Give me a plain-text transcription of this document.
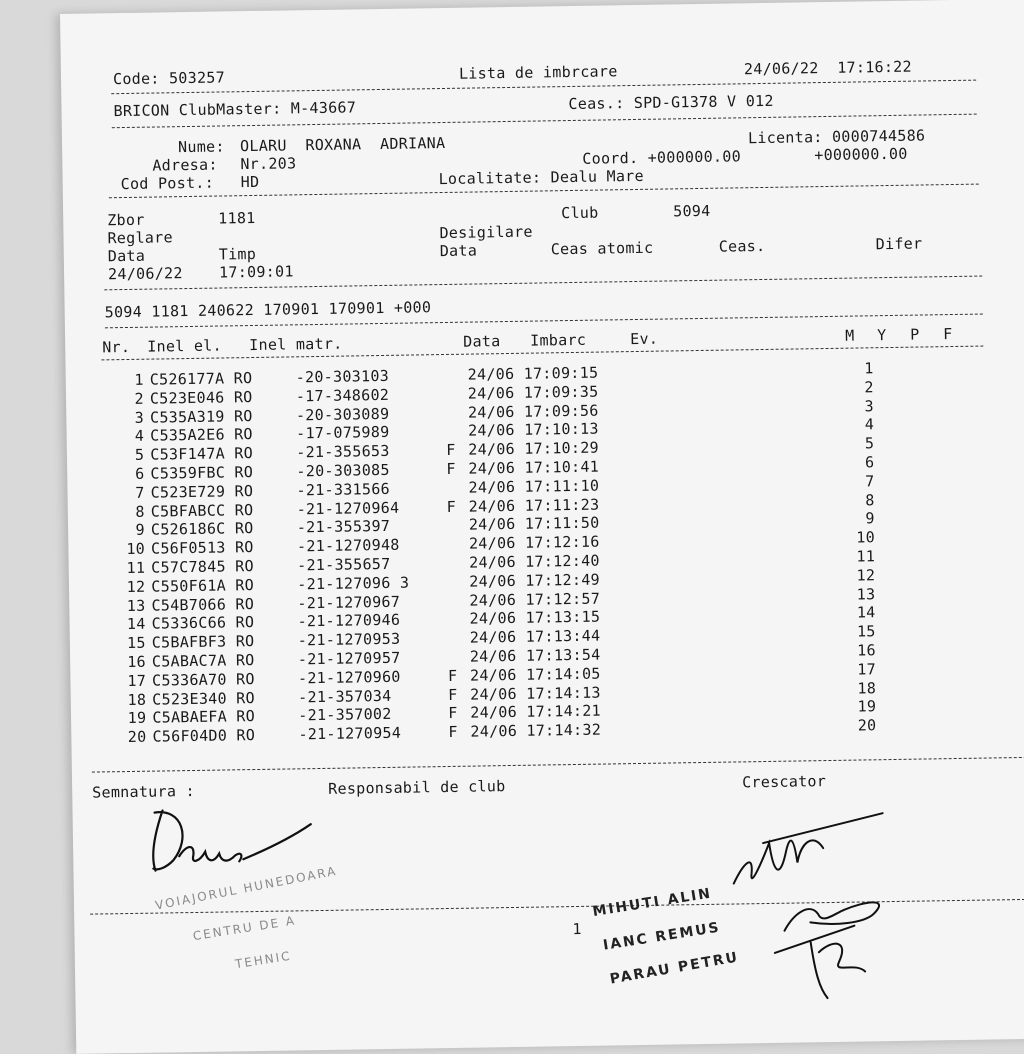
Code: 503257	Lista de imbrcare	24/06/22  17:16:22
BRICON ClubMaster: M-43667	Ceas.: SPD-G1378 V 012
Nume: OLARU  ROXANA  ADRIANA	Licenta: 0000744586
Adresa: Nr.203	Coord. +000000.00	+000000.00
Cod Post.: HD	Localitate: Dealu Mare
Zbor	1181	Club	5094
Reglare	Desigilare
Data	Timp	Data	Ceas atomic	Ceas.	Difer
24/06/22 17:09:01
5094 1181 240622 170901 170901 +000
Nr. Inel el. Inel matr.	Data Imbarc	Ev.	M Y P F
1 C526177A RO	-20-303103	24/06 17:09:15	1
2 C523E046 RO	-17-348602	24/06 17:09:35	2
3 C535A319 RO	-20-303089	24/06 17:09:56	3
4 C535A2E6 RO	-17-075989	24/06 17:10:13	4
5 C53F147A RO	-21-355653	F 24/06 17:10:29	5
6 C5359FBC RO	-20-303085	F 24/06 17:10:41	6
7 C523E729 RO	-21-331566	24/06 17:11:10	7
8 C5BFABCC RO	-21-1270964	F 24/06 17:11:23	8
9 C526186C RO	-21-355397	24/06 17:11:50	9
10 C56F0513 RO	-21-1270948	24/06 17:12:16	10
11 C57C7845 RO	-21-355657	24/06 17:12:40	11
12 C550F61A RO	-21-127096 3	24/06 17:12:49	12
13 C54B7066 RO	-21-1270967	24/06 17:12:57	13
14 C5336C66 RO	-21-1270946	24/06 17:13:15	14
15 C5BAFBF3 RO	-21-1270953	24/06 17:13:44	15
16 C5ABAC7A RO	-21-1270957	24/06 17:13:54	16
17 C5336A70 RO	-21-1270960	F 24/06 17:14:05	17
18 C523E340 RO	-21-357034	F 24/06 17:14:13	18
19 C5ABAEFA RO	-21-357002	F 24/06 17:14:21	19
20 C56F04D0 RO	-21-1270954	F 24/06 17:14:32	20
Semnatura :	Responsabil de club	Crescator
VOIAJORUL HUNEDOARA
CENTRU DE A
TEHNIC
1
MIHUTI ALIN
IANC REMUS
PARAU PETRU
